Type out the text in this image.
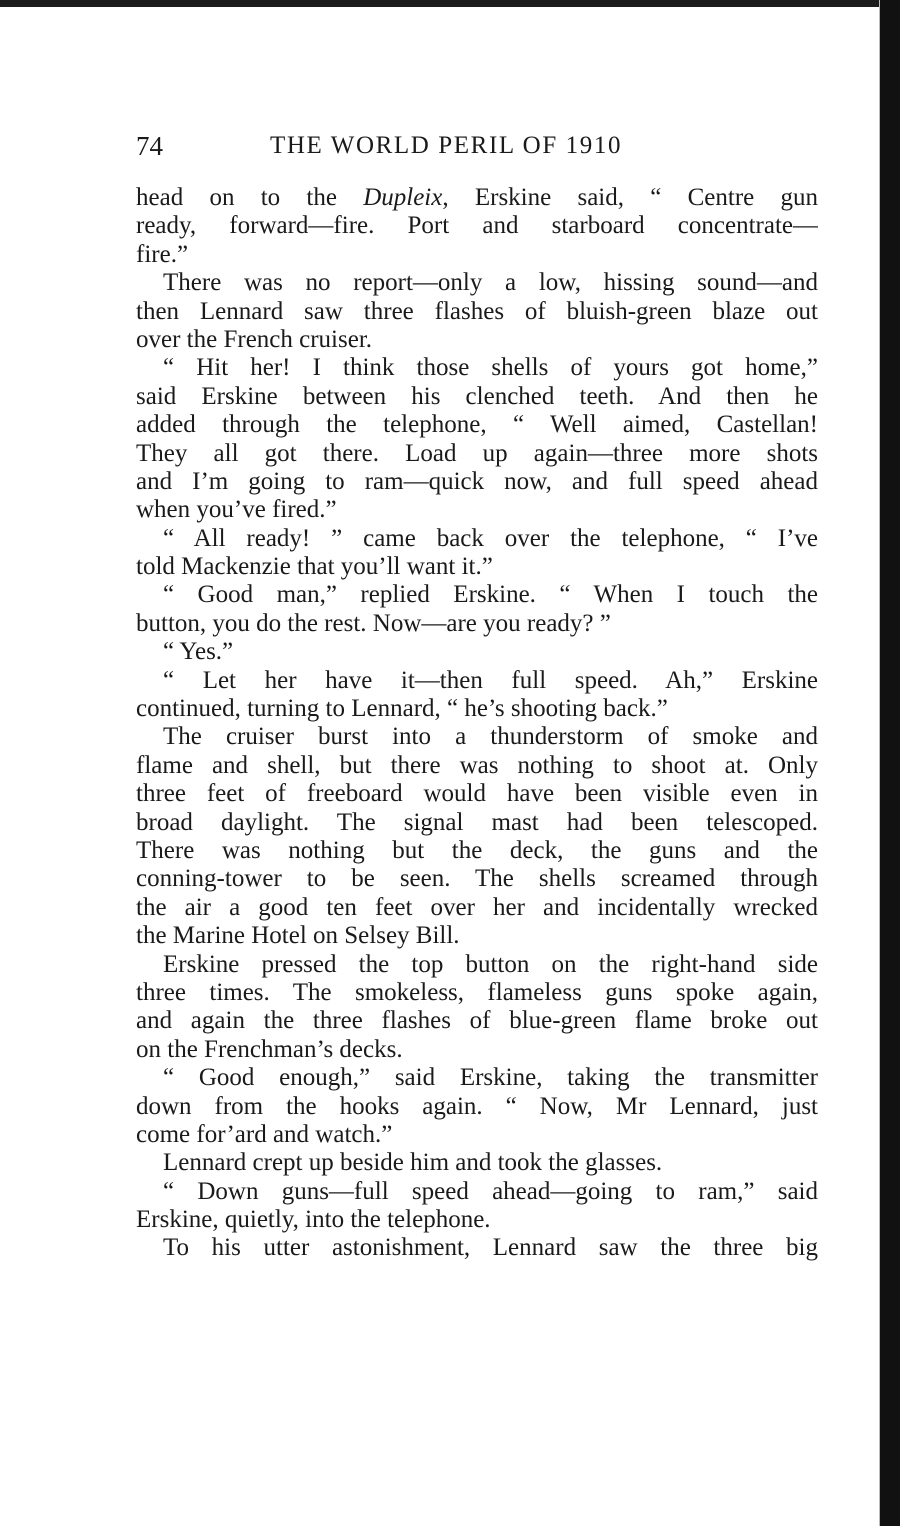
74	THE WORLD PERIL OF 1910
head on to the Dupleix, Erskine said, “ Centre gun
ready, forward—fire. Port and starboard concentrate—
fire.”
There was no report—only a low, hissing sound—and
then Lennard saw three flashes of bluish-green blaze out
over the French cruiser.
“ Hit her! I think those shells of yours got home,”
said Erskine between his clenched teeth. And then he
added through the telephone, “ Well aimed, Castellan!
They all got there. Load up again—three more shots
and I’m going to ram—quick now, and full speed ahead
when you’ve fired.”
“ All ready! ” came back over the telephone, “ I’ve
told Mackenzie that you’ll want it.”
“ Good man,” replied Erskine. “ When I touch the
button, you do the rest. Now—are you ready? ”
“ Yes.”
“ Let her have it—then full speed. Ah,” Erskine
continued, turning to Lennard, “ he’s shooting back.”
The cruiser burst into a thunderstorm of smoke and
flame and shell, but there was nothing to shoot at. Only
three feet of freeboard would have been visible even in
broad daylight. The signal mast had been telescoped.
There was nothing but the deck, the guns and the
conning-tower to be seen. The shells screamed through
the air a good ten feet over her and incidentally wrecked
the Marine Hotel on Selsey Bill.
Erskine pressed the top button on the right-hand side
three times. The smokeless, flameless guns spoke again,
and again the three flashes of blue-green flame broke out
on the Frenchman’s decks.
“ Good enough,” said Erskine, taking the transmitter
down from the hooks again. “ Now, Mr Lennard, just
come for’ard and watch.”
Lennard crept up beside him and took the glasses.
“ Down guns—full speed ahead—going to ram,” said
Erskine, quietly, into the telephone.
To his utter astonishment, Lennard saw the three big
